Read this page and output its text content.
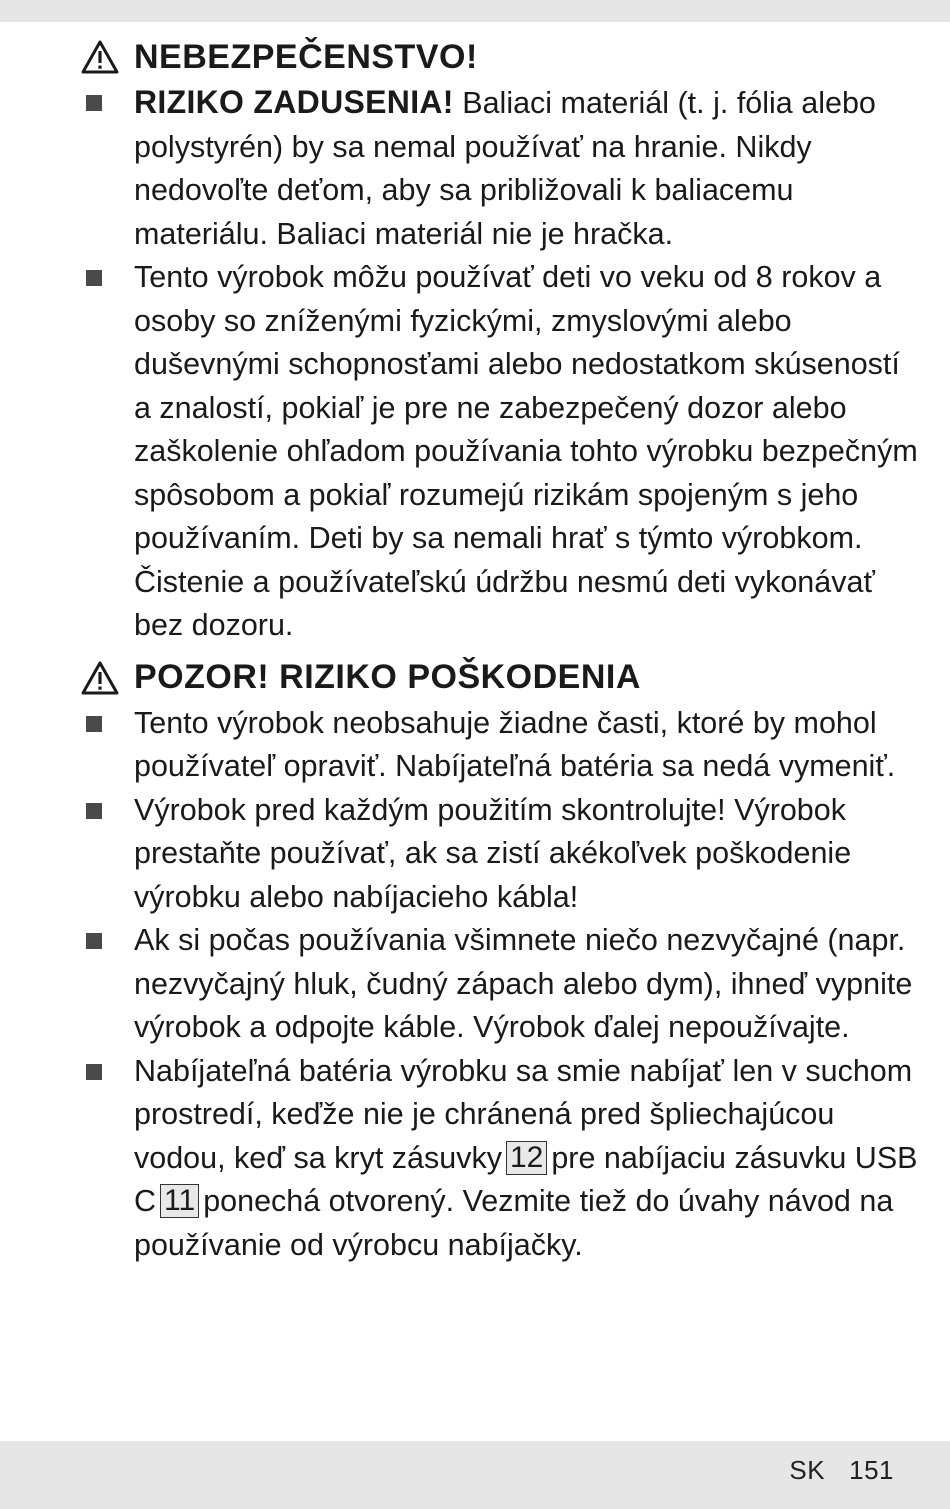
NEBEZPEČENSTVO!
RIZIKO ZADUSENIA! Baliaci materiál (t. j. fólia alebo polystyrén) by sa nemal používať na hranie. Nikdy nedovoľte deťom, aby sa približovali k baliacemu materiálu. Baliaci materiál nie je hračka.
Tento výrobok môžu používať deti vo veku od 8 rokov a osoby so zníženými fyzickými, zmyslovými alebo duševnými schopnosťami alebo nedostatkom skúseností a znalostí, pokiaľ je pre ne zabezpečený dozor alebo zaškolenie ohľadom používania tohto výrobku bezpečným spôsobom a pokiaľ rozumejú rizikám spojeným s jeho používaním. Deti by sa nemali hrať s týmto výrobkom. Čistenie a používateľskú údržbu nesmú deti vykonávať bez dozoru.
POZOR! RIZIKO POŠKODENIA
Tento výrobok neobsahuje žiadne časti, ktoré by mohol používateľ opraviť. Nabíjateľná batéria sa nedá vymeniť.
Výrobok pred každým použitím skontrolujte! Výrobok prestaňte používať, ak sa zistí akékoľvek poškodenie výrobku alebo nabíjacieho kábla!
Ak si počas používania všimnete niečo nezvyčajné (napr. nezvyčajný hluk, čudný zápach alebo dym), ihneď vypnite výrobok a odpojte káble. Výrobok ďalej nepoužívajte.
Nabíjateľná batéria výrobku sa smie nabíjať len v suchom prostredí, keďže nie je chránená pred špliechajúcou vodou, keď sa kryt zásuvky 12 pre nabíjaciu zásuvku USB C 11 ponechá otvorený. Vezmite tiež do úvahy návod na používanie od výrobcu nabíjačky.
SK 151
